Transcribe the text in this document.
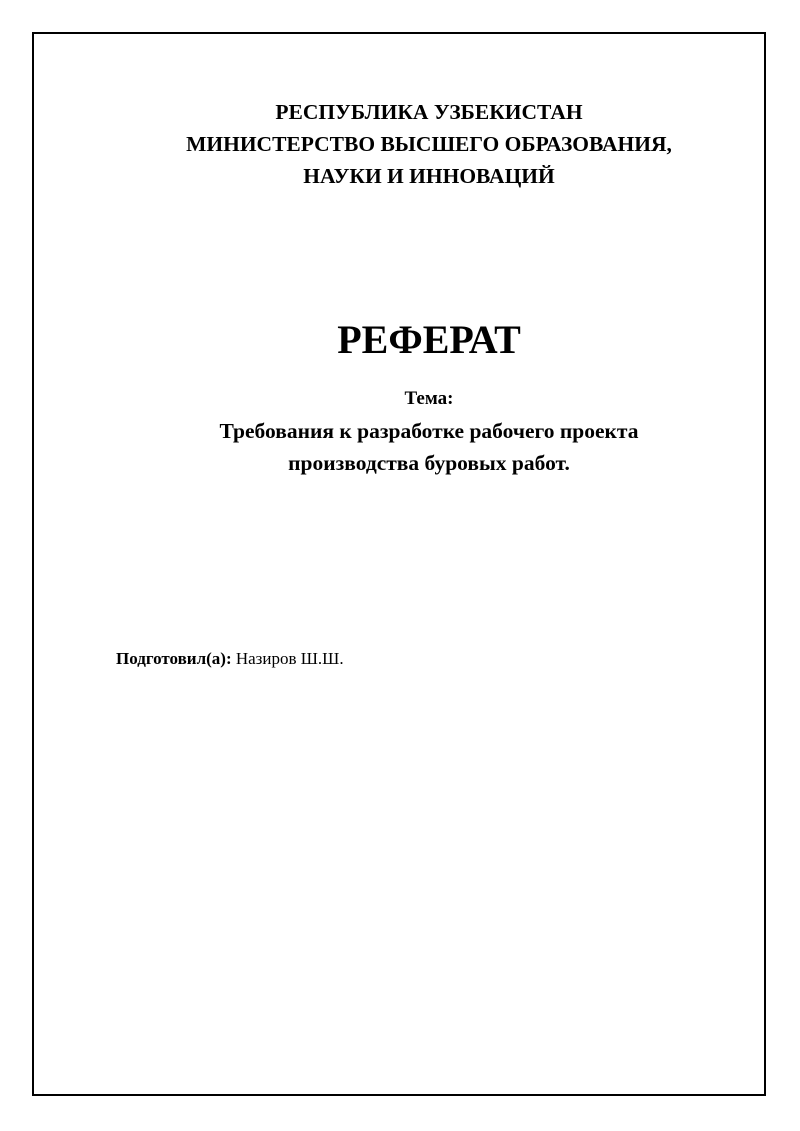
РЕСПУБЛИКА УЗБЕКИСТАН
МИНИСТЕРСТВО ВЫСШЕГО ОБРАЗОВАНИЯ,
НАУКИ И ИННОВАЦИЙ
РЕФЕРАТ
Тема:
Требования к разработке рабочего проекта
производства буровых работ.
Подготовил(а): Назиров Ш.Ш.
